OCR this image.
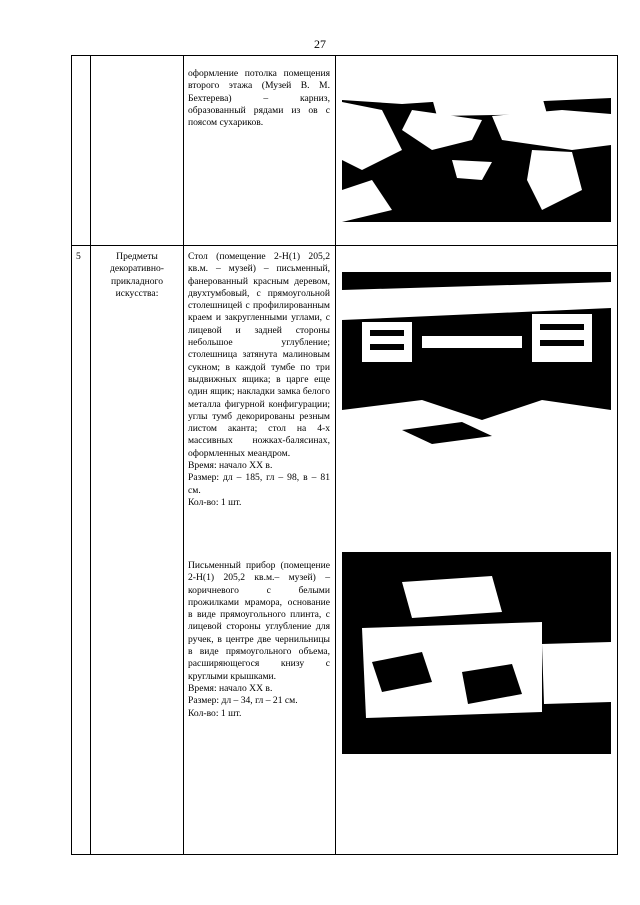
27

оформление потолка помещения второго этажа (Музей В. М. Бехтерева) – карниз, образованный рядами из ов с поясом сухариков.

5	Предметы декоративно-прикладного искусства:

Стол (помещение 2-Н(1) 205,2 кв.м. – музей) – письменный, фанерованный красным деревом, двухтумбовый, с прямоугольной столешницей с профилированным краем и закругленными углами, с лицевой и задней стороны небольшое углубление; столешница затянута малиновым сукном; в каждой тумбе по три выдвижных ящика; в царге еще один ящик; накладки замка белого металла фигурной конфигурации; углы тумб декорированы резным листом аканта; стол на 4-х массивных ножках-балясинах, оформленных меандром.

Время: начало XX в.

Размер: дл – 185, гл – 98, в – 81 см.

Кол-во: 1 шт.

Письменный прибор (помещение 2-Н(1) 205,2 кв.м.– музей) – коричневого с белыми прожилками мрамора, основание в виде прямоугольного плинта, с лицевой стороны углубление для ручек, в центре две чернильницы в виде прямоугольного объема, расширяющегося книзу с круглыми крышками.

Время: начало XX в.

Размер: дл – 34, гл – 21 см.

Кол-во: 1 шт.
